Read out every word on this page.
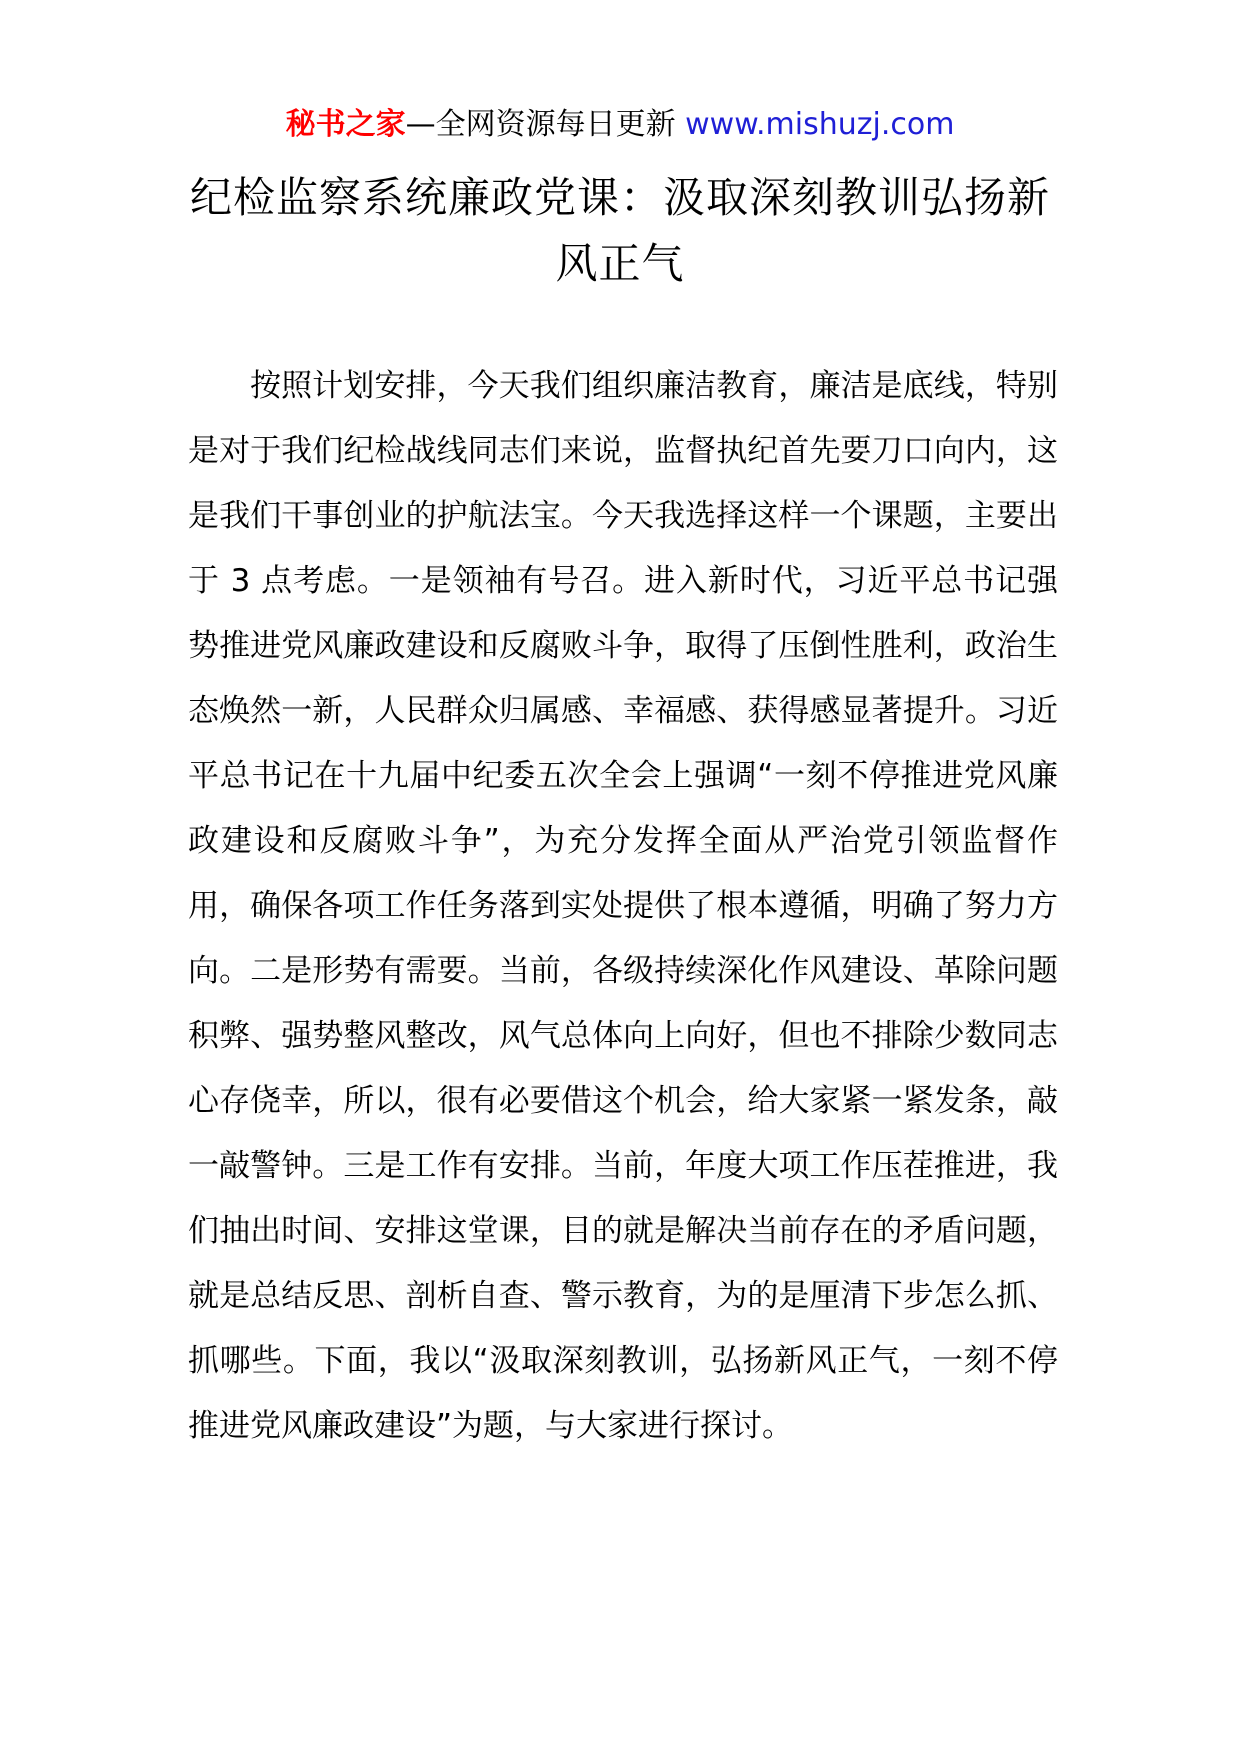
秘书之家—全网资源每日更新 www.mishuzj.com
纪检监察系统廉政党课：汲取深刻教训弘扬新风正气

按照计划安排，今天我们组织廉洁教育，廉洁是底线，特别是对于我们纪检战线同志们来说，监督执纪首先要刀口向内，这是我们干事创业的护航法宝。今天我选择这样一个课题，主要出于 3 点考虑。一是领袖有号召。进入新时代，习近平总书记强势推进党风廉政建设和反腐败斗争，取得了压倒性胜利，政治生态焕然一新，人民群众归属感、幸福感、获得感显著提升。习近平总书记在十九届中纪委五次全会上强调“一刻不停推进党风廉政建设和反腐败斗争”，为充分发挥全面从严治党引领监督作用，确保各项工作任务落到实处提供了根本遵循，明确了努力方向。二是形势有需要。当前，各级持续深化作风建设、革除问题积弊、强势整风整改，风气总体向上向好，但也不排除少数同志心存侥幸，所以，很有必要借这个机会，给大家紧一紧发条，敲一敲警钟。三是工作有安排。当前，年度大项工作压茬推进，我们抽出时间、安排这堂课，目的就是解决当前存在的矛盾问题，就是总结反思、剖析自查、警示教育，为的是厘清下步怎么抓、抓哪些。下面，我以“汲取深刻教训，弘扬新风正气，一刻不停推进党风廉政建设”为题，与大家进行探讨。
